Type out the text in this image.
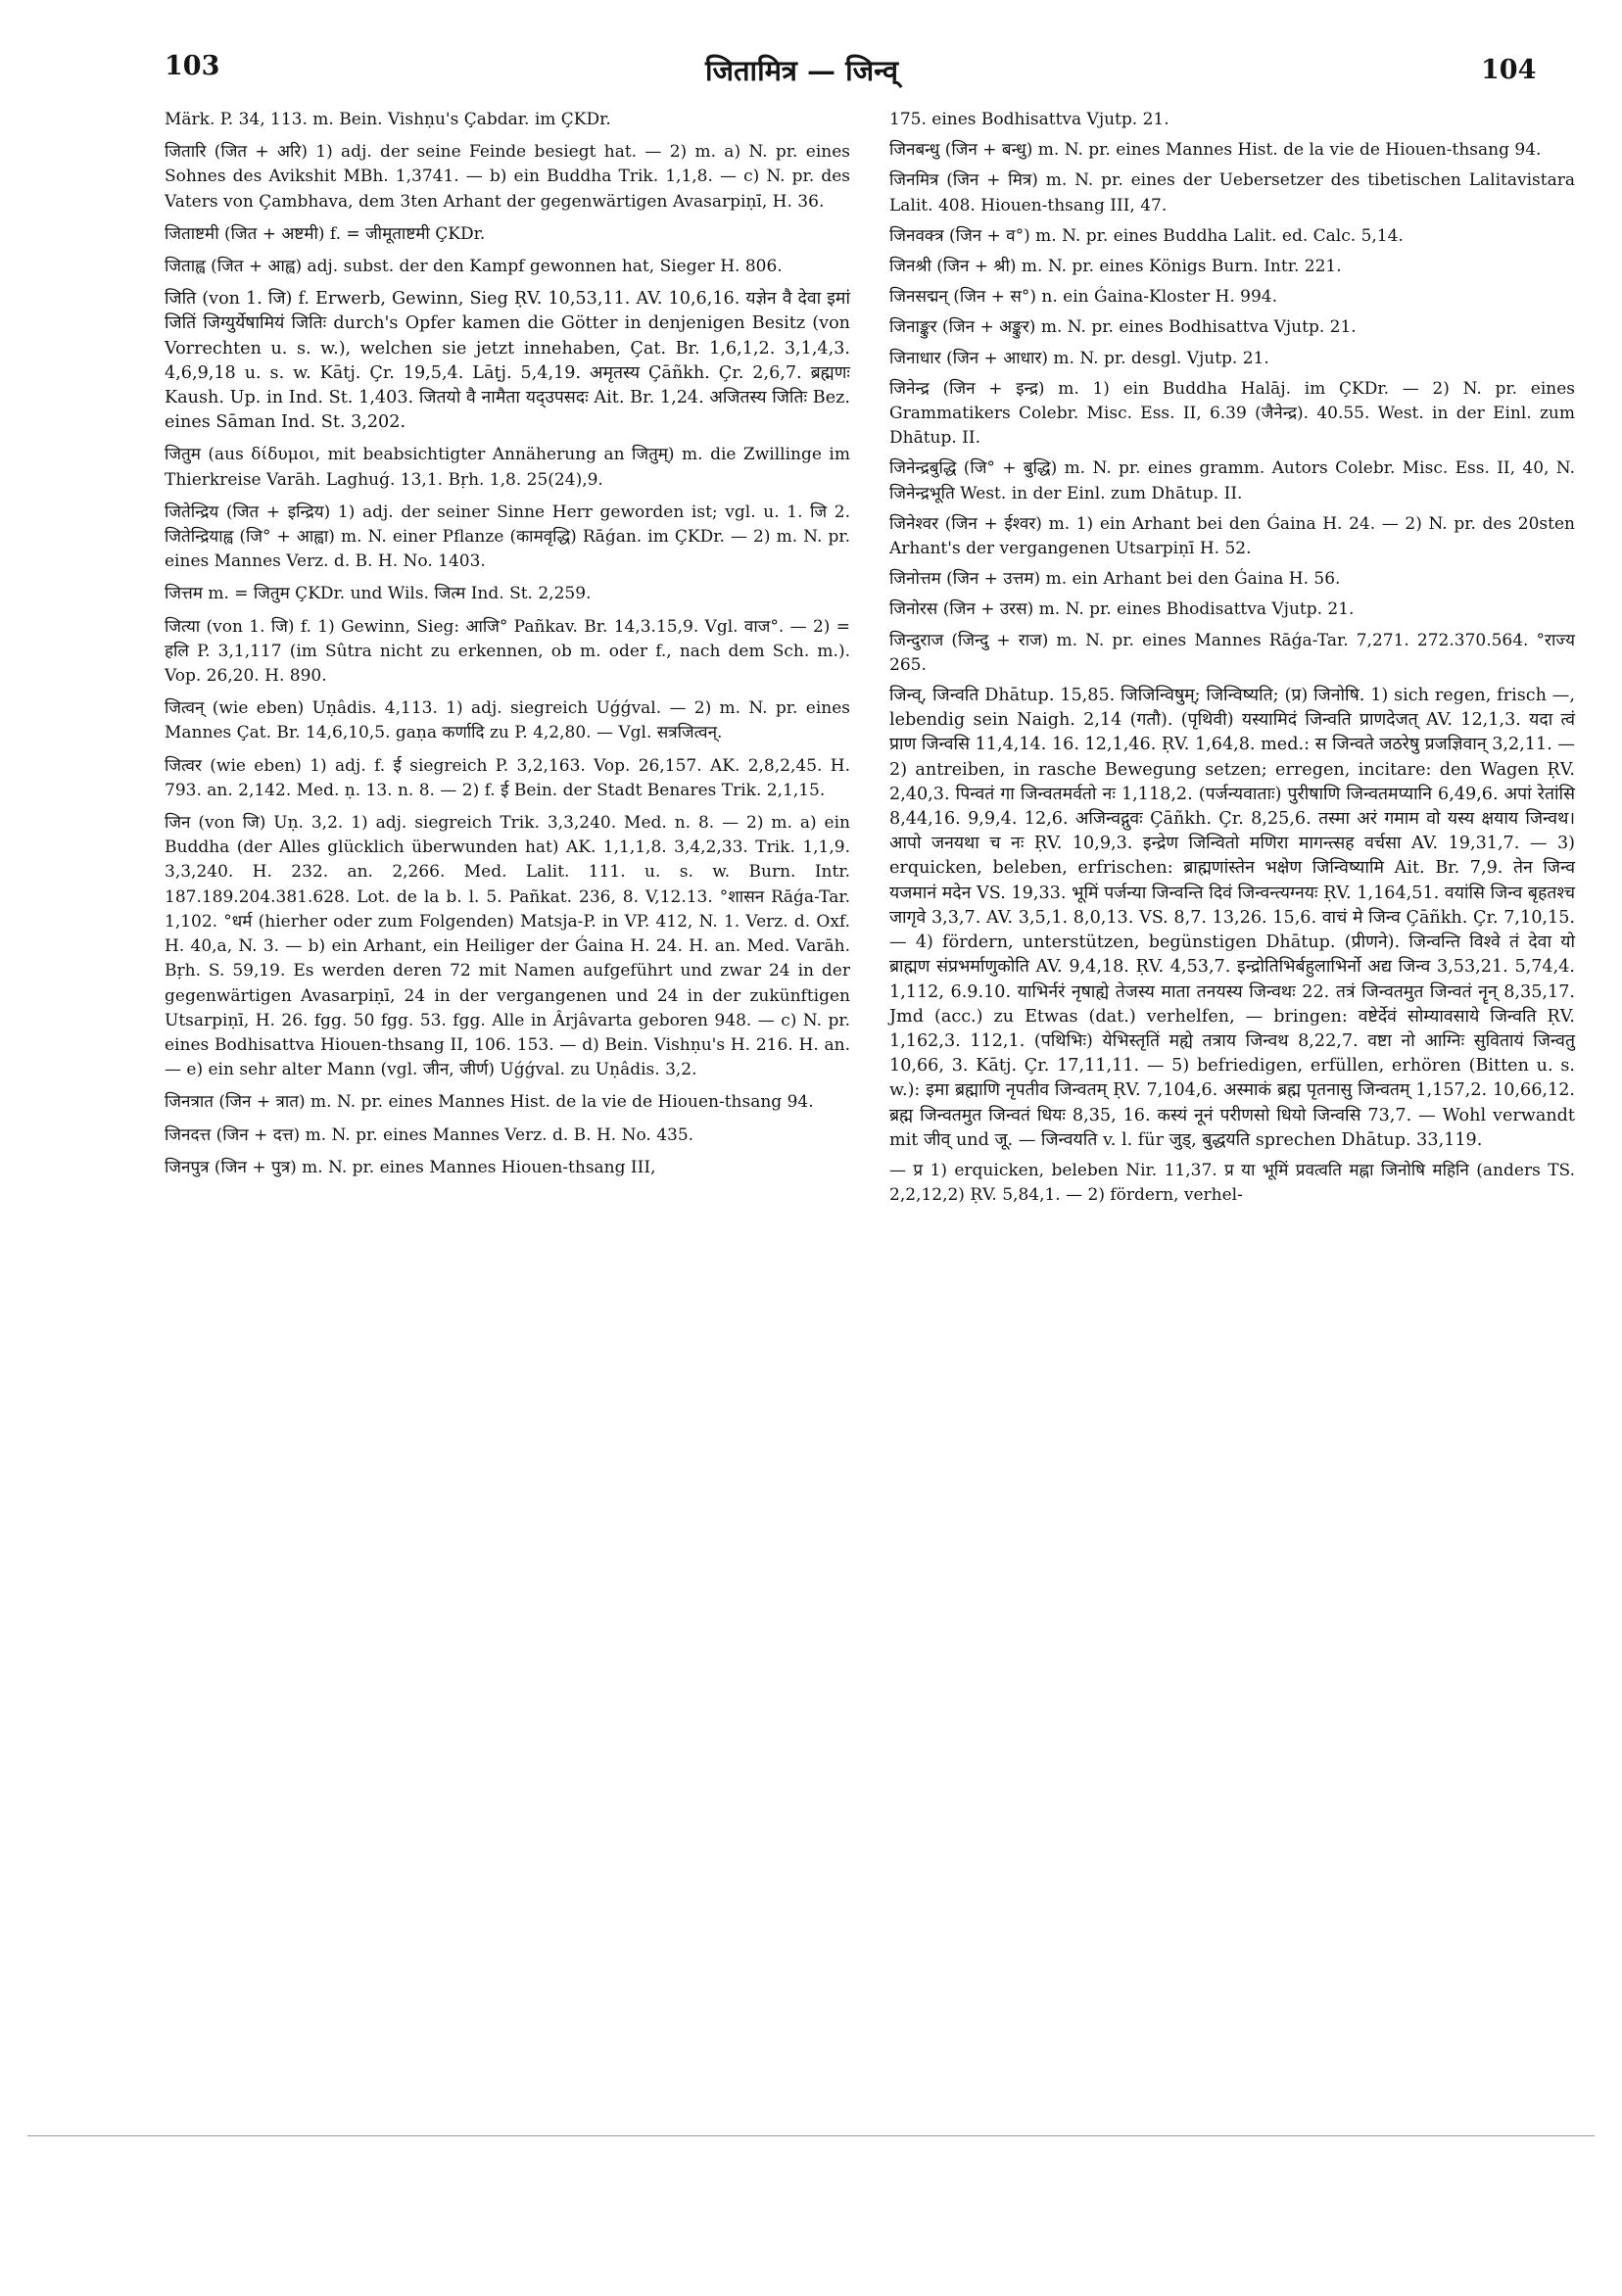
103	जितामित्र — जिन्व्	104

Märk. P. 34, 113. m. Bein. Vishṇu's Çabdar. im ÇKDr.

जितारि (जित + अरि) 1) adj. der seine Feinde besiegt hat. — 2) m. a) N. pr. eines Sohnes des Avikshit MBh. 1,3741. — b) ein Buddha Trik. 1,1,8. — c) N. pr. des Vaters von Çambhava, dem 3ten Arhant der gegenwärtigen Avasarpiṇī, H. 36.

जिताष्टमी (जित + अष्टमी) f. = जीमूताष्टमी ÇKDr.

जिताह्व (जित + आह्व) adj. subst. der den Kampf gewonnen hat, Sieger H. 806.

जिति (von 1. जि) f. Erwerb, Gewinn, Sieg ṚV. 10,53,11. AV. 10,6,16. यज्ञेन वै देवा इमां जितिं जिग्युर्येषामियं जितिः durch's Opfer kamen die Götter in denjenigen Besitz (von Vorrechten u. s. w.), welchen sie jetzt innehaben, Çat. Br. 1,6,1,2. 3,1,4,3. 4,6,9,18 u. s. w. Kātj. Çr. 19,5,4. Lāṭj. 5,4,19. अमृतस्य Çāñkh. Çr. 2,6,7. ब्रह्मणः Kaush. Up. in Ind. St. 1,403. जितयो वै नामैता यद्उपसदः Ait. Br. 1,24. अजितस्य जितिः Bez. eines Sāman Ind. St. 3,202.

जितुम (aus δίδυμοι, mit beabsichtigter Annäherung an जितुम्) m. die Zwillinge im Thierkreise Varāh. Laghuǵ. 13,1. Bṛh. 1,8. 25(24),9.

जितेन्द्रिय (जित + इन्द्रिय) 1) adj. der seiner Sinne Herr geworden ist; vgl. u. 1. जि 2. जितेन्द्रियाह्व (जि° + आह्वा) m. N. einer Pflanze (कामवृद्धि) Rāǵan. im ÇKDr. — 2) m. N. pr. eines Mannes Verz. d. B. H. No. 1403.

जित्तम m. = जितुम ÇKDr. und Wils. जित्म Ind. St. 2,259.

जित्या (von 1. जि) f. 1) Gewinn, Sieg: आजि° Pañkav. Br. 14,3.15,9. Vgl. वाज°. — 2) = हलि P. 3,1,117 (im Sûtra nicht zu erkennen, ob m. oder f., nach dem Sch. m.). Vop. 26,20. H. 890.

जित्वन् (wie eben) Uṇâdis. 4,113. 1) adj. siegreich Uǵǵval. — 2) m. N. pr. eines Mannes Çat. Br. 14,6,10,5. gaṇa कर्णादि zu P. 4,2,80. — Vgl. सत्रजित्वन्.

जित्वर (wie eben) 1) adj. f. ई siegreich P. 3,2,163. Vop. 26,157. AK. 2,8,2,45. H. 793. an. 2,142. Med. ṇ. 13. n. 8. — 2) f. ई Bein. der Stadt Benares Trik. 2,1,15.

जिन (von जि) Uṇ. 3,2. 1) adj. siegreich Trik. 3,3,240. Med. n. 8. — 2) m. a) ein Buddha (der Alles glücklich überwunden hat) AK. 1,1,1,8. 3,4,2,33. Trik. 1,1,9. 3,3,240. H. 232. an. 2,266. Med. Lalit. 111. u. s. w. Burn. Intr. 187.189.204.381.628. Lot. de la b. l. 5. Pañkat. 236, 8. V,12.13. °शासन Rāǵa-Tar. 1,102. °धर्म (hierher oder zum Folgenden) Matsja-P. in VP. 412, N. 1. Verz. d. Oxf. H. 40,a, N. 3. — b) ein Arhant, ein Heiliger der Ǵaina H. 24. H. an. Med. Varāh. Bṛh. S. 59,19. Es werden deren 72 mit Namen aufgeführt und zwar 24 in der gegenwärtigen Avasarpiṇī, 24 in der vergangenen und 24 in der zukünftigen Utsarpiṇī, H. 26. fgg. 50 fgg. 53. fgg. Alle in Ârjâvarta geboren 948. — c) N. pr. eines Bodhisattva Hiouen-thsang II, 106. 153. — d) Bein. Vishṇu's H. 216. H. an. — e) ein sehr alter Mann (vgl. जीन, जीर्ण) Uǵǵval. zu Uṇâdis. 3,2.

जिनत्रात (जिन + त्रात) m. N. pr. eines Mannes Hist. de la vie de Hiouen-thsang 94.

जिनदत्त (जिन + दत्त) m. N. pr. eines Mannes Verz. d. B. H. No. 435.

जिनपुत्र (जिन + पुत्र) m. N. pr. eines Mannes Hiouen-thsang III,

175. eines Bodhisattva Vjutp. 21.

जिनबन्धु (जिन + बन्धु) m. N. pr. eines Mannes Hist. de la vie de Hiouen-thsang 94.

जिनमित्र (जिन + मित्र) m. N. pr. eines der Uebersetzer des tibetischen Lalitavistara Lalit. 408. Hiouen-thsang III, 47.

जिनवक्त्र (जिन + व°) m. N. pr. eines Buddha Lalit. ed. Calc. 5,14.

जिनश्री (जिन + श्री) m. N. pr. eines Königs Burn. Intr. 221.

जिनसद्मन् (जिन + स°) n. ein Ǵaina-Kloster H. 994.

जिनाङ्कुर (जिन + अङ्कुर) m. N. pr. eines Bodhisattva Vjutp. 21.

जिनाधार (जिन + आधार) m. N. pr. desgl. Vjutp. 21.

जिनेन्द्र (जिन + इन्द्र) m. 1) ein Buddha Halāj. im ÇKDr. — 2) N. pr. eines Grammatikers Colebr. Misc. Ess. II, 6.39 (जैनेन्द्र). 40.55. West. in der Einl. zum Dhātup. II.

जिनेन्द्रबुद्धि (जि° + बुद्धि) m. N. pr. eines gramm. Autors Colebr. Misc. Ess. II, 40, N. जिनेन्द्रभूति West. in der Einl. zum Dhātup. II.

जिनेश्वर (जिन + ईश्वर) m. 1) ein Arhant bei den Ǵaina H. 24. — 2) N. pr. des 20sten Arhant's der vergangenen Utsarpiṇī H. 52.

जिनोत्तम (जिन + उत्तम) m. ein Arhant bei den Ǵaina H. 56.

जिनोरस (जिन + उरस) m. N. pr. eines Bhodisattva Vjutp. 21.

जिन्दुराज (जिन्दु + राज) m. N. pr. eines Mannes Rāǵa-Tar. 7,271. 272.370.564. °राज्य 265.

जिन्व्, जिन्वति Dhātup. 15,85. जिजिन्विषुम्; जिन्विष्यति; (प्र) जिनोषि. 1) sich regen, frisch —, lebendig sein Naigh. 2,14 (गतौ). (पृथिवी) यस्यामिदं जिन्वति प्राणदेजत् AV. 12,1,3. यदा त्वं प्राण जिन्वसि 11,4,14. 16. 12,1,46. ṚV. 1,64,8. med.: स जिन्वते जठरेषु प्रजज्ञिवान् 3,2,11. — 2) antreiben, in rasche Bewegung setzen; erregen, incitare: den Wagen ṚV. 2,40,3. पिन्वतं गा जिन्वतमर्वतो नः 1,118,2. (पर्जन्यवाताः) पुरीषाणि जिन्वतमप्यानि 6,49,6. अपां रेतांसि 8,44,16. 9,9,4. 12,6. अजिन्वद्गुवः Çāñkh. Çr. 8,25,6. तस्मा अरं गमाम वो यस्य क्षयाय जिन्वथ। आपो जनयथा च नः ṚV. 10,9,3. इन्द्रेण जिन्वितो मणिरा मागन्त्सह वर्चसा AV. 19,31,7. — 3) erquicken, beleben, erfrischen: ब्राह्मणांस्तेन भक्षेण जिन्विष्यामि Ait. Br. 7,9. तेन जिन्व यजमानं मदेन VS. 19,33. भूमिं पर्जन्या जिन्वन्ति दिवं जिन्वन्त्यग्नयः ṚV. 1,164,51. वयांसि जिन्व बृहतश्च जागृवे 3,3,7. AV. 3,5,1. 8,0,13. VS. 8,7. 13,26. 15,6. वाचं मे जिन्व Çāñkh. Çr. 7,10,15. — 4) fördern, unterstützen, begünstigen Dhātup. (प्रीणने). जिन्वन्ति विश्वे तं देवा यो ब्राह्मण संप्रभर्माणुकोति AV. 9,4,18. ṚV. 4,53,7. इन्द्रोतिभिर्बहुलाभिर्नो अद्य जिन्व 3,53,21. 5,74,4. 1,112, 6.9.10. याभिर्नरं नृषाह्ये तेजस्य माता तनयस्य जिन्वथः 22. तत्रं जिन्वतमुत जिन्वतं नॄन् 8,35,17. Jmd (acc.) zu Etwas (dat.) verhelfen, — bringen: वष्टेर्देवं सोम्यावसाये जिन्वति ṚV. 1,162,3. 112,1. (पथिभिः) येभिस्तृतिं मह्ये तत्राय जिन्वथ 8,22,7. वष्टा नो आग्निः सुवितायं जिन्वतु 10,66, 3. Kātj. Çr. 17,11,11. — 5) befriedigen, erfüllen, erhören (Bitten u. s. w.): इमा ब्रह्माणि नृपतीव जिन्वतम् ṚV. 7,104,6. अस्माकं ब्रह्म पृतनासु जिन्वतम् 1,157,2. 10,66,12. ब्रह्म जिन्वतमुत जिन्वतं धियः 8,35, 16. कस्यं नूनं परीणसो धियो जिन्वसि 73,7. — Wohl verwandt mit जीव् und जू. — जिन्वयति v. l. für जुड्, बुद्धयति sprechen Dhātup. 33,119.

— प्र 1) erquicken, beleben Nir. 11,37. प्र या भूमिं प्रवत्वति मह्ना जिनोषि महिनि (anders TS. 2,2,12,2) ṚV. 5,84,1. — 2) fördern, verhel-
